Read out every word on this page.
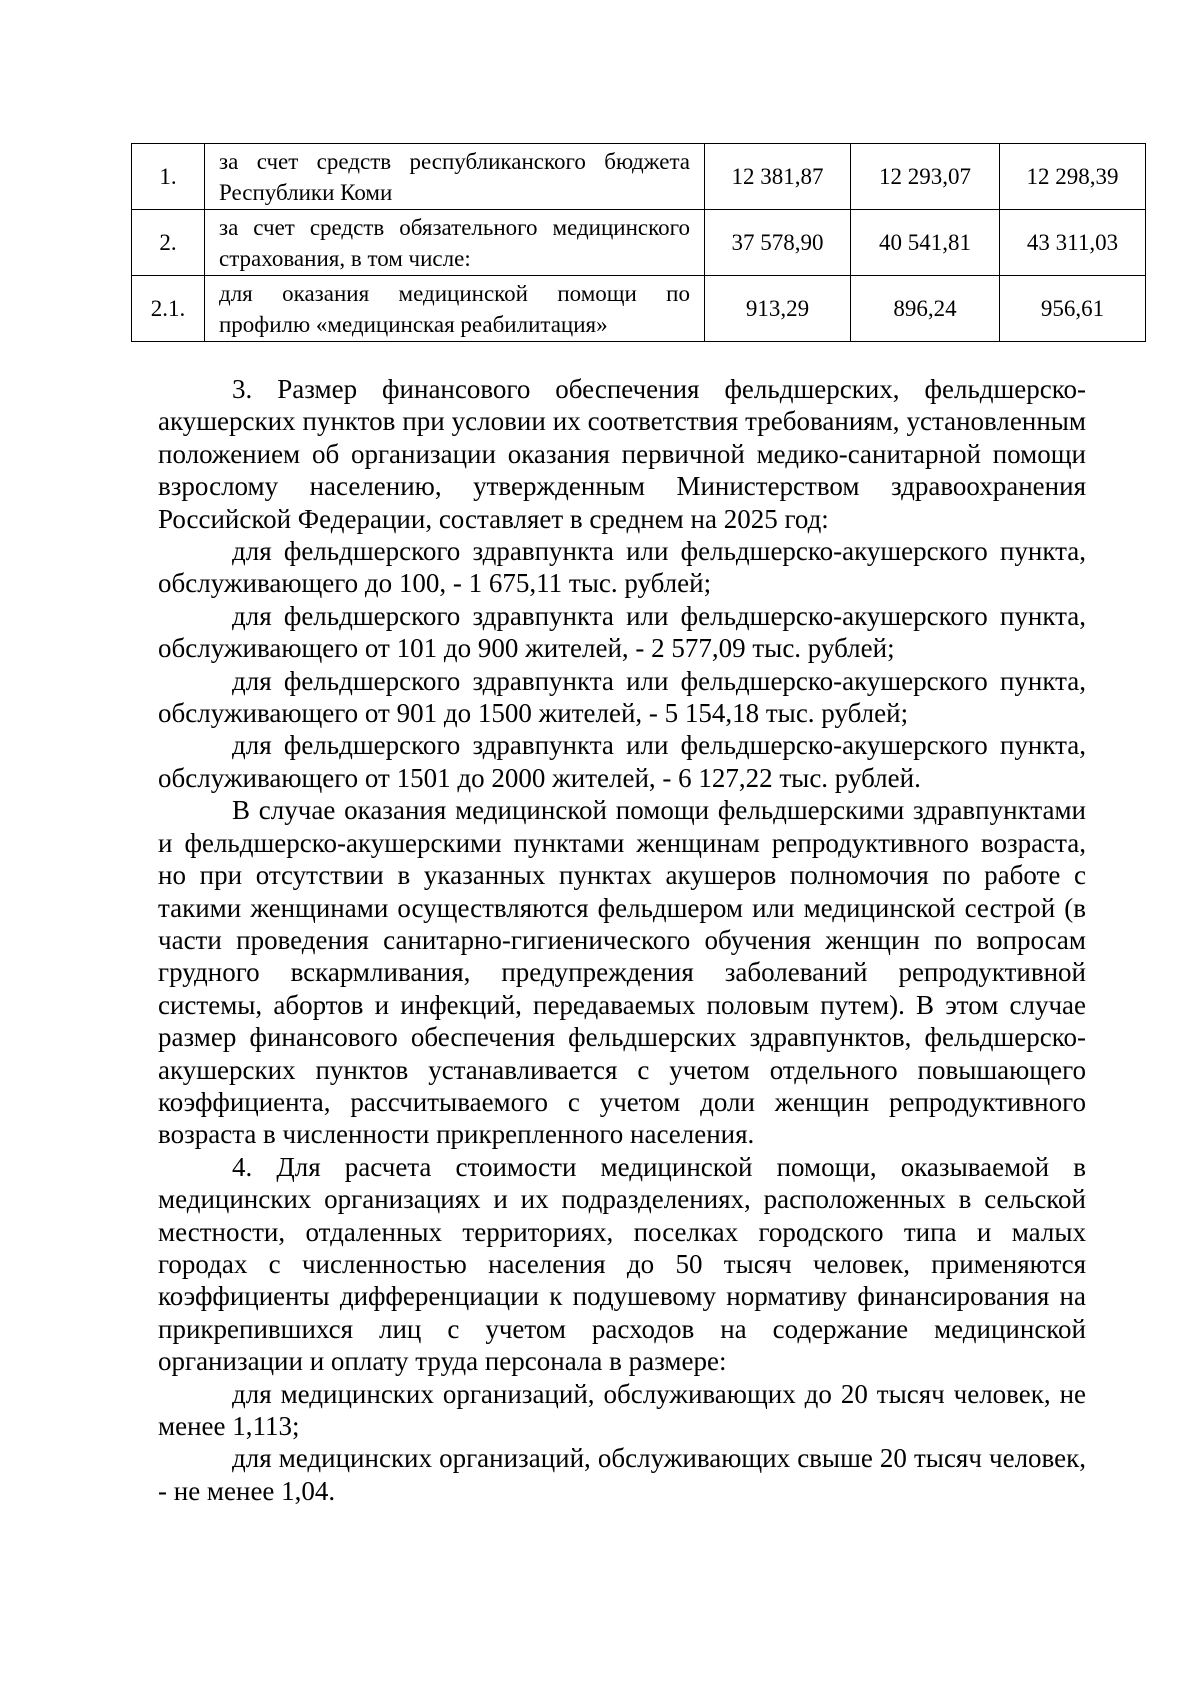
1.	за счет средств республиканского бюджета Республики Коми	12 381,87	12 293,07	12 298,39
2.	за счет средств обязательного медицинского страхования, в том числе:	37 578,90	40 541,81	43 311,03
2.1.	для оказания медицинской помощи по профилю «медицинская реабилитация»	913,29	896,24	956,61

3. Размер финансового обеспечения фельдшерских, фельдшерско-акушерских пунктов при условии их соответствия требованиям, установленным положением об организации оказания первичной медико-санитарной помощи взрослому населению, утвержденным Министерством здравоохранения Российской Федерации, составляет в среднем на 2025 год:

для фельдшерского здравпункта или фельдшерско-акушерского пункта, обслуживающего до 100, - 1 675,11 тыс. рублей;

для фельдшерского здравпункта или фельдшерско-акушерского пункта, обслуживающего от 101 до 900 жителей, - 2 577,09 тыс. рублей;

для фельдшерского здравпункта или фельдшерско-акушерского пункта, обслуживающего от 901 до 1500 жителей, - 5 154,18 тыс. рублей;

для фельдшерского здравпункта или фельдшерско-акушерского пункта, обслуживающего от 1501 до 2000 жителей, - 6 127,22 тыс. рублей.

В случае оказания медицинской помощи фельдшерскими здравпунктами и фельдшерско-акушерскими пунктами женщинам репродуктивного возраста, но при отсутствии в указанных пунктах акушеров полномочия по работе с такими женщинами осуществляются фельдшером или медицинской сестрой (в части проведения санитарно-гигиенического обучения женщин по вопросам грудного вскармливания, предупреждения заболеваний репродуктивной системы, абортов и инфекций, передаваемых половым путем). В этом случае размер финансового обеспечения фельдшерских здравпунктов, фельдшерско-акушерских пунктов устанавливается с учетом отдельного повышающего коэффициента, рассчитываемого с учетом доли женщин репродуктивного возраста в численности прикрепленного населения.

4. Для расчета стоимости медицинской помощи, оказываемой в медицинских организациях и их подразделениях, расположенных в сельской местности, отдаленных территориях, поселках городского типа и малых городах с численностью населения до 50 тысяч человек, применяются коэффициенты дифференциации к подушевому нормативу финансирования на прикрепившихся лиц с учетом расходов на содержание медицинской организации и оплату труда персонала в размере:

для медицинских организаций, обслуживающих до 20 тысяч человек, не менее 1,113;

для медицинских организаций, обслуживающих свыше 20 тысяч человек, - не менее 1,04.
